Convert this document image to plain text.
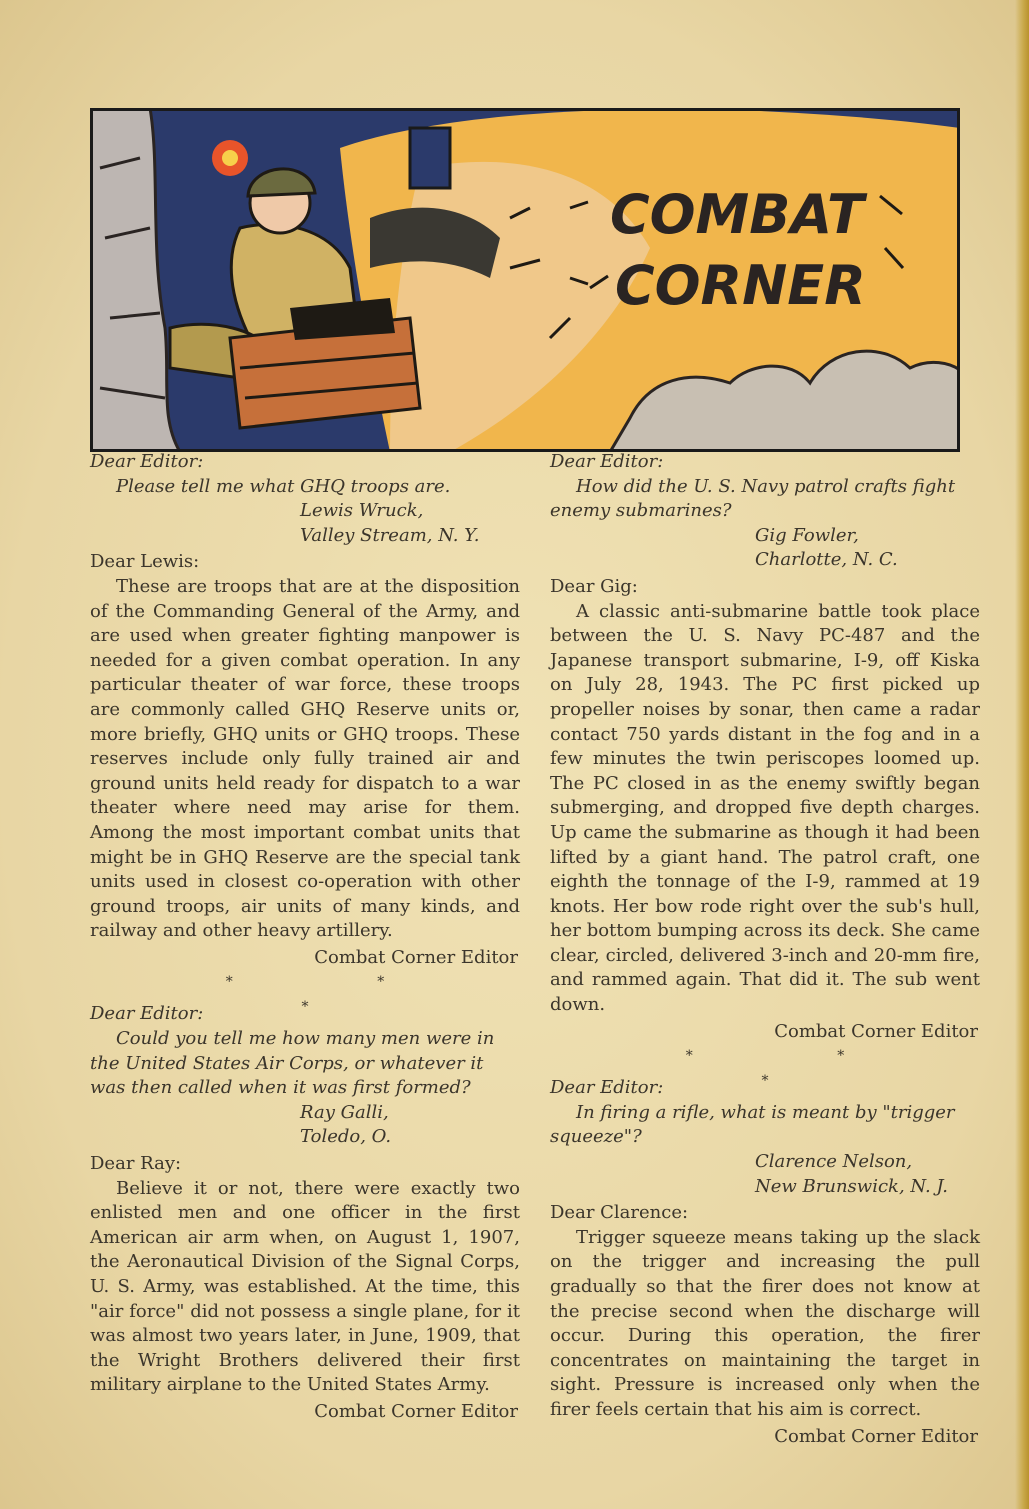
COMBAT
CORNER

Dear Editor:

Please tell me what GHQ troops are.

Lewis Wruck,

Valley Stream, N. Y.

Dear Lewis:

These are troops that are at the disposition of the Commanding General of the Army, and are used when greater fighting manpower is needed for a given combat operation. In any particular theater of war force, these troops are commonly called GHQ Reserve units or, more briefly, GHQ units or GHQ troops. These reserves include only fully trained air and ground units held ready for dispatch to a war theater where need may arise for them. Among the most important combat units that might be in GHQ Reserve are the special tank units used in closest co-operation with other ground troops, air units of many kinds, and railway and other heavy artillery.

Combat Corner Editor

* * *

Dear Editor:

Could you tell me how many men were in the United States Air Corps, or whatever it was then called when it was first formed?

Ray Galli,

Toledo, O.

Dear Ray:

Believe it or not, there were exactly two enlisted men and one officer in the first American air arm when, on August 1, 1907, the Aeronautical Division of the Signal Corps, U. S. Army, was established. At the time, this "air force" did not possess a single plane, for it was almost two years later, in June, 1909, that the Wright Brothers delivered their first military airplane to the United States Army.

Combat Corner Editor

Dear Editor:

How did the U. S. Navy patrol crafts fight enemy submarines?

Gig Fowler,

Charlotte, N. C.

Dear Gig:

A classic anti-submarine battle took place between the U. S. Navy PC-487 and the Japanese transport submarine, I-9, off Kiska on July 28, 1943. The PC first picked up propeller noises by sonar, then came a radar contact 750 yards distant in the fog and in a few minutes the twin periscopes loomed up. The PC closed in as the enemy swiftly began submerging, and dropped five depth charges. Up came the submarine as though it had been lifted by a giant hand. The patrol craft, one eighth the tonnage of the I-9, rammed at 19 knots. Her bow rode right over the sub's hull, her bottom bumping across its deck. She came clear, circled, delivered 3-inch and 20-mm fire, and rammed again. That did it. The sub went down.

Combat Corner Editor

* * *

Dear Editor:

In firing a rifle, what is meant by "trigger squeeze"?

Clarence Nelson,

New Brunswick, N. J.

Dear Clarence:

Trigger squeeze means taking up the slack on the trigger and increasing the pull gradually so that the firer does not know at the precise second when the discharge will occur. During this operation, the firer concentrates on maintaining the target in sight. Pressure is increased only when the firer feels certain that his aim is correct.

Combat Corner Editor
